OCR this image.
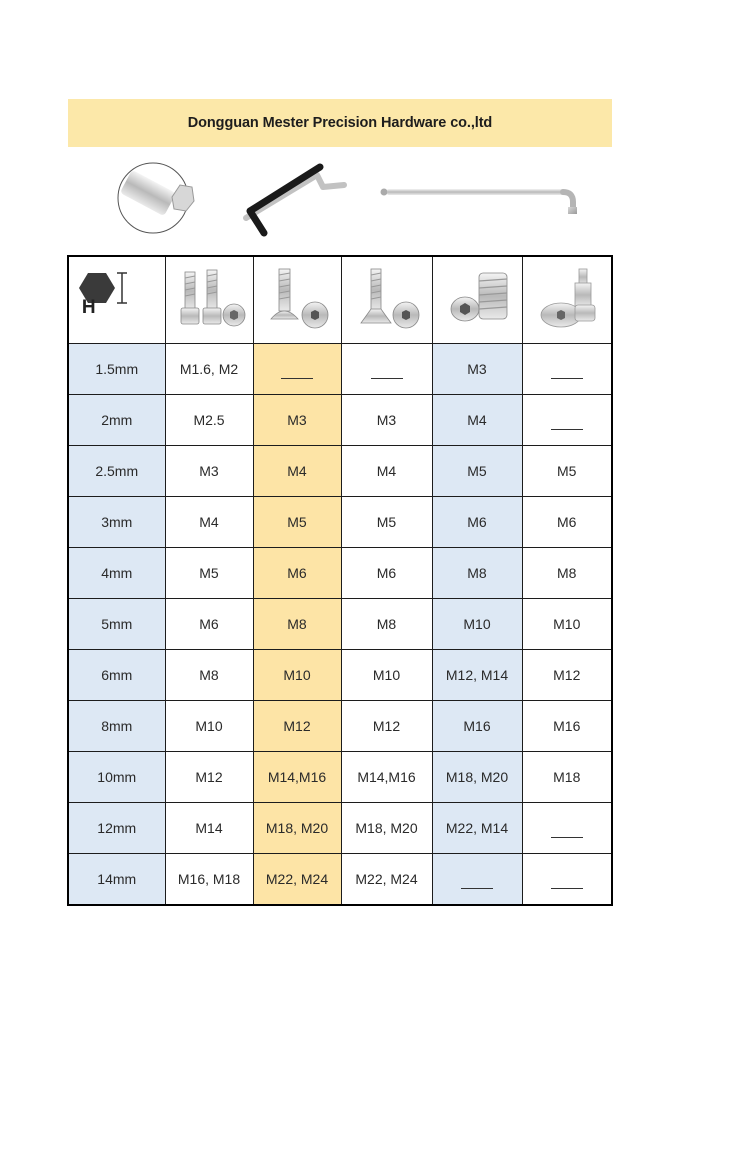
Dongguan Mester Precision Hardware co.,ltd
H					
1.5mm	M1.6, M2			M3	
2mm	M2.5	M3	M3	M4	
2.5mm	M3	M4	M4	M5	M5
3mm	M4	M5	M5	M6	M6
4mm	M5	M6	M6	M8	M8
5mm	M6	M8	M8	M10	M10
6mm	M8	M10	M10	M12, M14	M12
8mm	M10	M12	M12	M16	M16
10mm	M12	M14,M16	M14,M16	M18, M20	M18
12mm	M14	M18, M20	M18, M20	M22, M14	
14mm	M16, M18	M22, M24	M22, M24		
